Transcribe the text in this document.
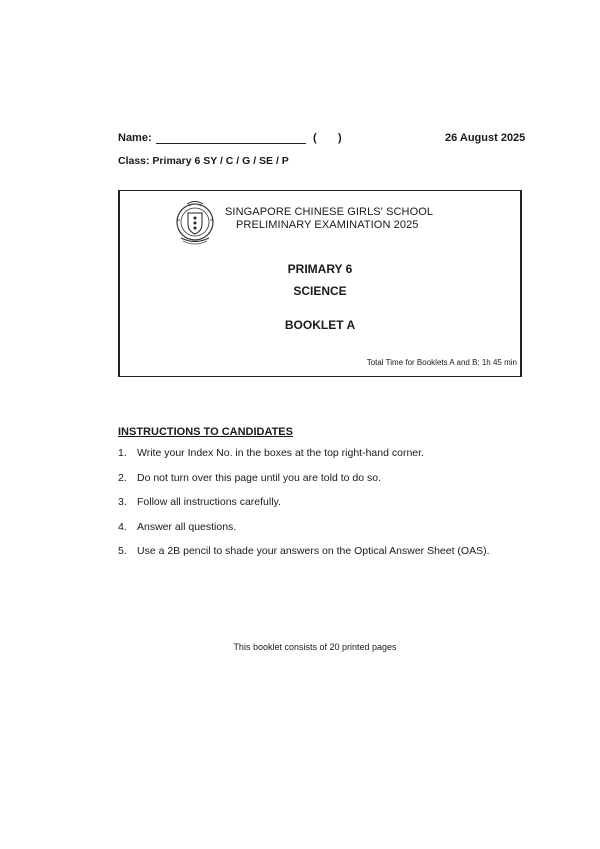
Name:	( )	26 August 2025
Class: Primary 6 SY / C / G / SE / P
SINGAPORE CHINESE GIRLS' SCHOOL
PRELIMINARY EXAMINATION 2025
PRIMARY 6
SCIENCE
BOOKLET A
Total Time for Booklets A and B: 1h 45 min
INSTRUCTIONS TO CANDIDATES
1. Write your Index No. in the boxes at the top right-hand corner.
2. Do not turn over this page until you are told to do so.
3. Follow all instructions carefully.
4. Answer all questions.
5. Use a 2B pencil to shade your answers on the Optical Answer Sheet (OAS).
This booklet consists of 20 printed pages
